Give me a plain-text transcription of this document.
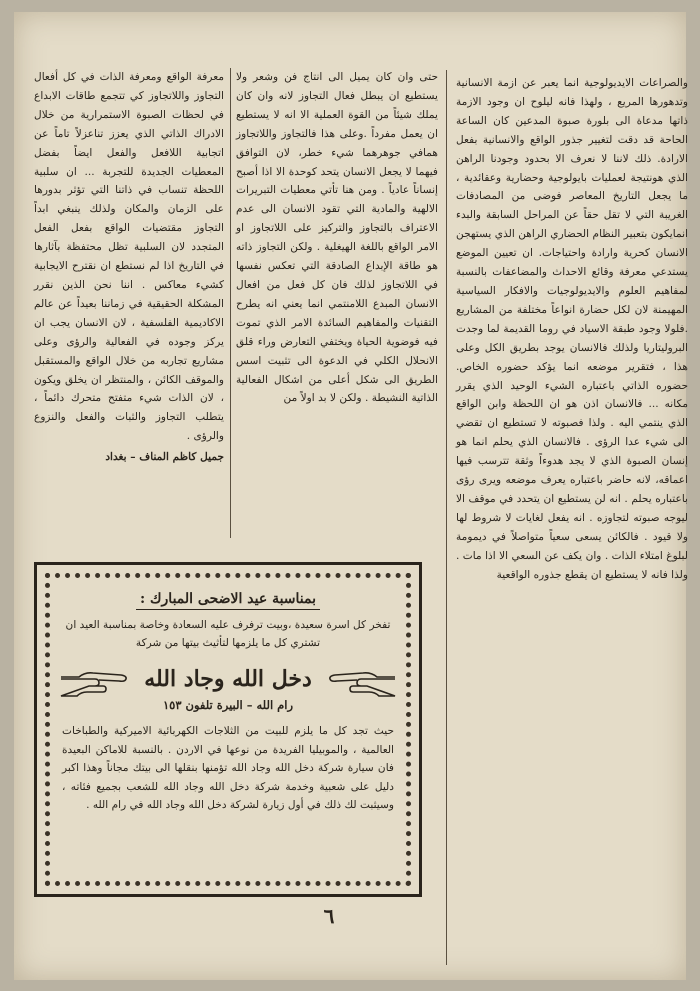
والصراعات الايديولوجية انما يعبر عن ازمة الانسانية وتدهورها المريع ، ولهذا فانه ليلوح ان وجود الازمة ذاتها مدعاة الى بلورة صبوة المدعين كان الساعة الحاحة قد دقت لتغيير جذور الواقع والانسانية بفعل الارادة. ذلك لاننا لا نعرف الا بحدود وجودنا الراهن الذي هونتيجة لعمليات بايولوجية وحضارية وعقائدية ، ما يجعل التاريخ المعاصر فوضى من المصادفات الغريبة التي لا تقل حقاً عن المراحل السابقة والبدء انمايكون بتعبير النظام الحضاري الراهن الذي يستهجن الانسان كحرية وارادة واحتياجات. ان تعيين الموضع يستدعي معرفة وقائع الاحداث والمضاعفات بالنسبة لمفاهيم العلوم والايديولوجيات والافكار السياسية المهيمنة لان لكل حضارة انواعاً مختلفة من المشاريع .فلولا وجود طبقة الاسياد في روما القديمة لما وجدت البروليتاريا ولذلك فالانسان يوجد بطريق الكل وعلى هذا ، فتقرير موضعه انما يؤكد حضوره الخاص. حضوره الذاتي باعتباره الشيء الوحيد الذي يقرر مكانه ... فالانسان اذن هو ان اللحظة وابن الواقع الذي ينتمي اليه . ولذا فصبوته لا تستطيع ان تقضي الى شيء عدا الرؤى . فالانسان الذي يحلم انما هو إنسان الصبوة الذي لا يجد هدوءاً وثقة تترسب فيها اعماقه، لانه حاضر باعتباره يعرف موضعه ويرى رؤى باعتباره يحلم . انه لن يستطيع ان يتحدد في موقف الا ليوجه صبوته لتجاوزه . انه يفعل لغايات لا شروط لها ولا قيود . فالكائن يسعى سعياً متواصلاً في ديمومة لبلوغ امتلاء الذات . وان يكف عن السعي الا اذا مات . ولذا فانه لا يستطيع ان يقطع جذوره الواقعية

حتى وان كان يميل الى انتاج فن وشعر ولا يستطيع ان يبطل فعال التجاوز لانه وان كان يملك شيئاً من القوة العملية الا انه لا يستطيع ان يعمل مفرداً .وعلى هذا فالتجاوز واللاتجاوز همافي جوهرهما شيء خطر، لان التوافق فيهما لا يجعل الانسان يتحد كوحدة الا اذا أصبح إنساناً عادياً . ومن هنا تأتي معطيات التبريرات الالهية والمادية التي تقود الانسان الى عدم الاعتراف بالتجاوز والتركيز على اللاتجاوز او الامر الواقع باللغة الهيغلية . ولكن التجاوز ذاته هو طاقة الإبداع الصادقة التي تعكس نفسها في اللاتجاوز لذلك فان كل فعل من افعال الانسان المبدع اللامنتمي انما يعني انه يطرح التقنيات والمفاهيم السائدة الامر الذي تموت فيه فوضوية الحياة ويختفي التعارض وراء قلق الانحلال الكلي في الدعوة الى تثبيت اسس الطريق الى شكل أعلى من اشكال الفعالية الذاتية النشيطة . ولكن لا بد اولاً من

معرفة الواقع ومعرفة الذات في كل أفعال التجاوز واللاتجاوز كي تتجمع طاقات الابداع في لحظات الصبوة الاستمرارية من خلال الادراك الذاتي الذي يعزز تناعزلاً تاماً عن اتجابية اللافعل والفعل ايضاً بفضل المعطيات الجديدة للتجربة ... ان سلبية اللحظة تنساب في ذاتنا التي تؤثر بدورها على الزمان والمكان ولذلك ينبغي ابداً التجاوز مقتضيات الواقع بفعل الفعل المتجدد لان السلبية تظل محتفظة بآثارها في التاريخ اذا لم نستطع ان نقترح الايجابية كشيء معاكس . اننا نحن الذين نقرر المشكلة الحقيقية في زماننا بعيداً عن عالم الاكاديمية الفلسفية ، لان الانسان يجب ان يركز وجوده في الفعالية والرؤى وعلى مشاريع تجاربه من خلال الواقع والمستقبل والموقف الكائن ، والمنتظر ان يخلق ويكون ، لان الذات شيء متفتح متحرك دائماً ، يتطلب التجاوز والثبات والفعل والنزوع والرؤى .

جميل كاظم المناف – بغداد
بمناسبة عيد الاضحى المبارك :

تفخر كل اسرة سعيدة ،وبيت ترفرف عليه السعادة وخاصة بمناسبة العيد ان تشتري كل ما يلزمها لتأثيث بيتها من شركة

دخل الله وجاد الله

رام الله – البيرة تلفون ١٥٣

حيث تجد كل ما يلزم للبيت من الثلاجات الكهربائية الاميركية والطباخات العالمية ، والموبيليا الفريدة من نوعها في الاردن . بالنسبة للاماكن البعيدة فان سيارة شركة دخل الله وجاد الله تؤمنها بنقلها الى بيتك مجاناً وهذا اكبر دليل على شعبية وخدمة شركة دخل الله وجاد الله للشعب بجميع فئاته ، وسيثبت لك ذلك في أول زيارة لشركة دخل الله وجاد الله في رام الله .

٦
